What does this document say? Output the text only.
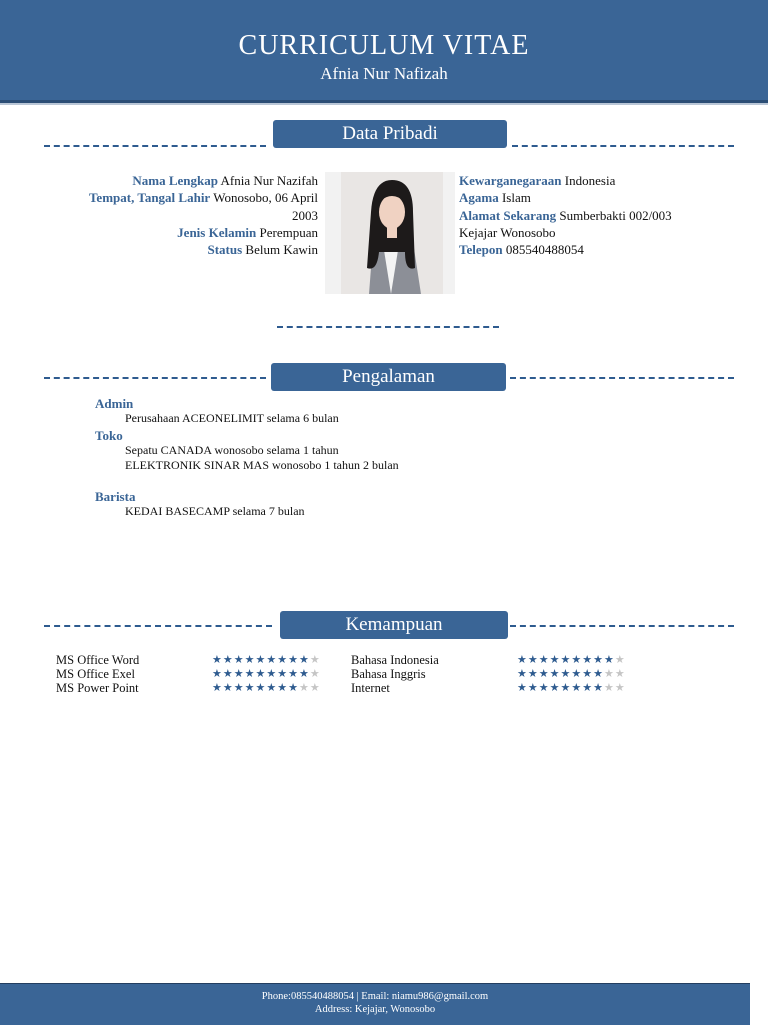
CURRICULUM VITAE
Afnia Nur Nafizah
Data Pribadi
Nama Lengkap Afnia Nur Nazifah
Tempat, Tangal Lahir Wonosobo, 06 April
2003
Jenis Kelamin Perempuan
Status Belum Kawin
Kewarganegaraan Indonesia
Agama Islam
Alamat Sekarang Sumberbakti 002/003
Kejajar Wonosobo
Telepon 085540488054
Pengalaman
Admin
Perusahaan ACEONELIMIT selama 6 bulan
Toko
Sepatu CANADA wonosobo selama 1 tahun
ELEKTRONIK SINAR MAS wonosobo 1 tahun 2 bulan
Barista
KEDAI BASECAMP selama 7 bulan
Kemampuan
MS Office Word	★★★★★★★★★★
MS Office Exel	★★★★★★★★★★
MS Power Point	★★★★★★★★★★
Bahasa Indonesia	★★★★★★★★★★
Bahasa Inggris	★★★★★★★★★★
Internet	★★★★★★★★★★
Phone:085540488054 | Email: niamu986@gmail.com
Address: Kejajar, Wonosobo
